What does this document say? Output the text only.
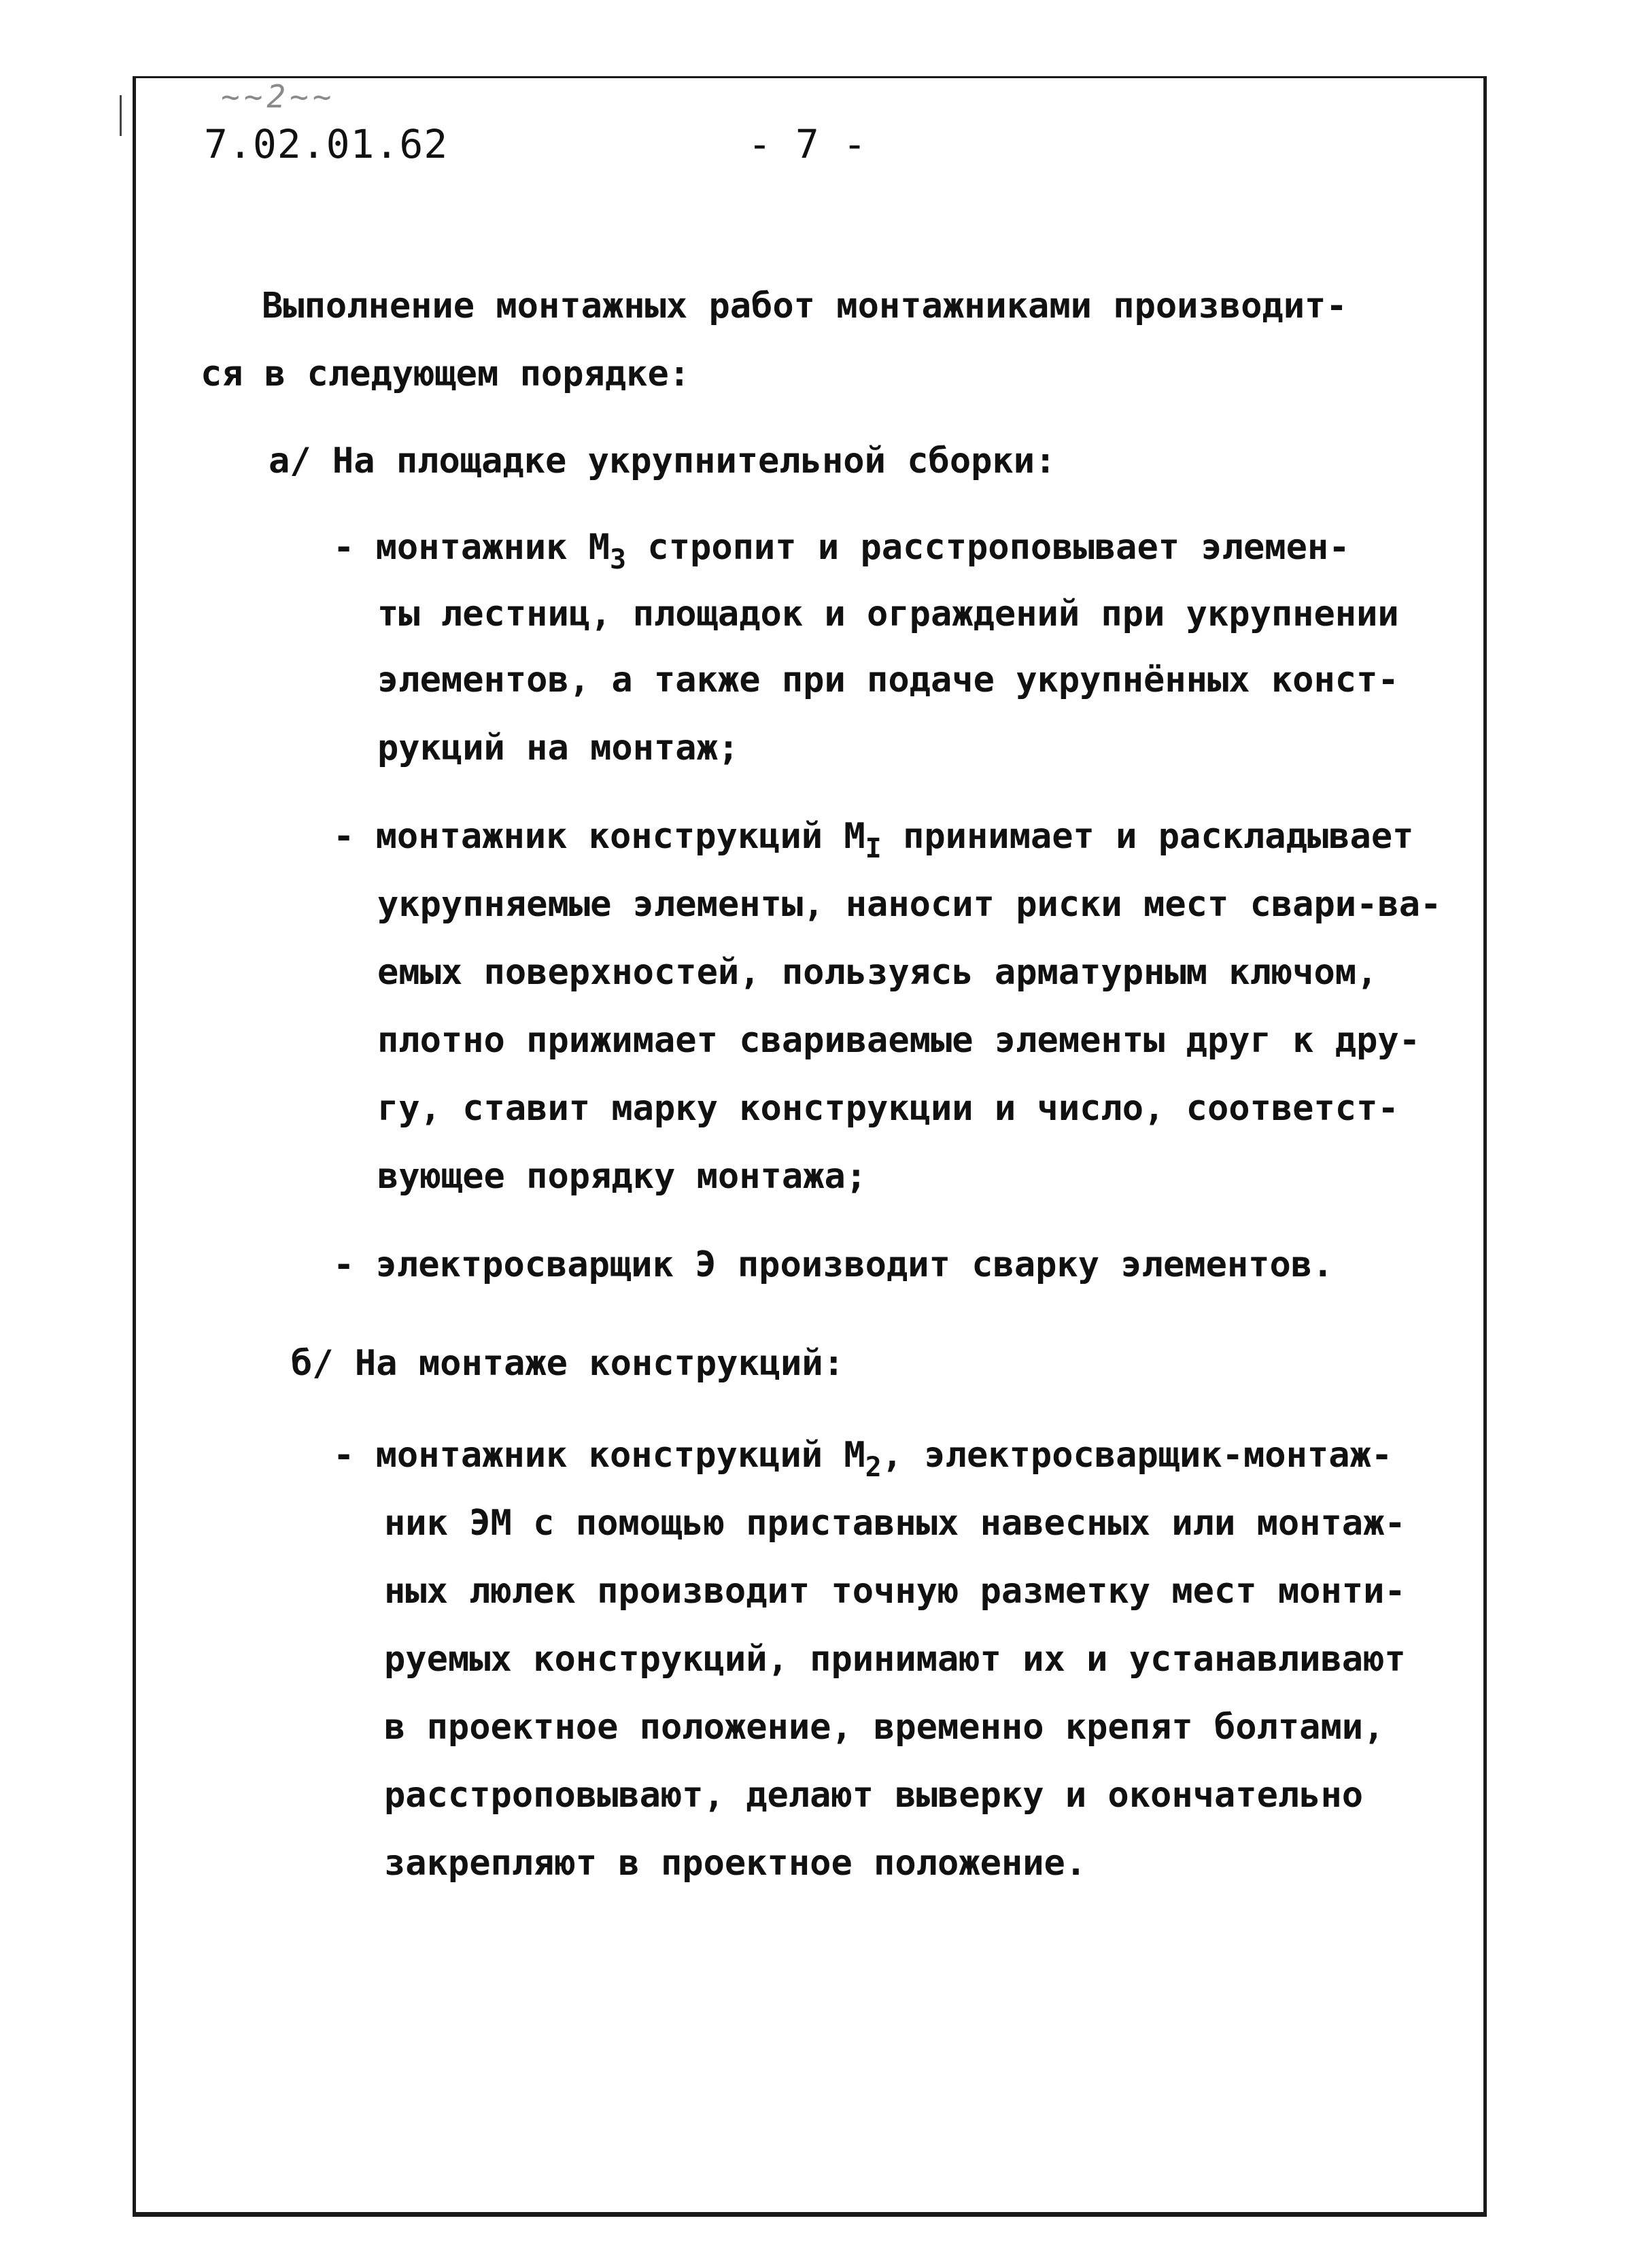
~~2~~
7.02.01.62	- 7 -
Выполнение монтажных работ монтажниками производит-
ся в следующем порядке:
а/ На площадке укрупнительной сборки:
- монтажник $М_3$ стропит и расстроповывает элемен-
ты лестниц, площадок и ограждений при укрупнении
элементов, а также при подаче укрупнённых конст-
рукций на монтаж;
- монтажник конструкций $М_I$ принимает и раскладывает
укрупняемые элементы, наносит риски мест свари-ва-
емых поверхностей, пользуясь арматурным ключом,
плотно прижимает свариваемые элементы друг к дру-
гу, ставит марку конструкции и число, соответст-
вующее порядку монтажа;
- электросварщик Э производит сварку элементов.
б/ На монтаже конструкций:
- монтажник конструкций $М_2$, электросварщик-монтаж-
ник ЭМ с помощью приставных навесных или монтаж-
ных люлек производит точную разметку мест монти-
руемых конструкций, принимают их и устанавливают
в проектное положение, временно крепят болтами,
расстроповывают, делают выверку и окончательно
закрепляют в проектное положение.
